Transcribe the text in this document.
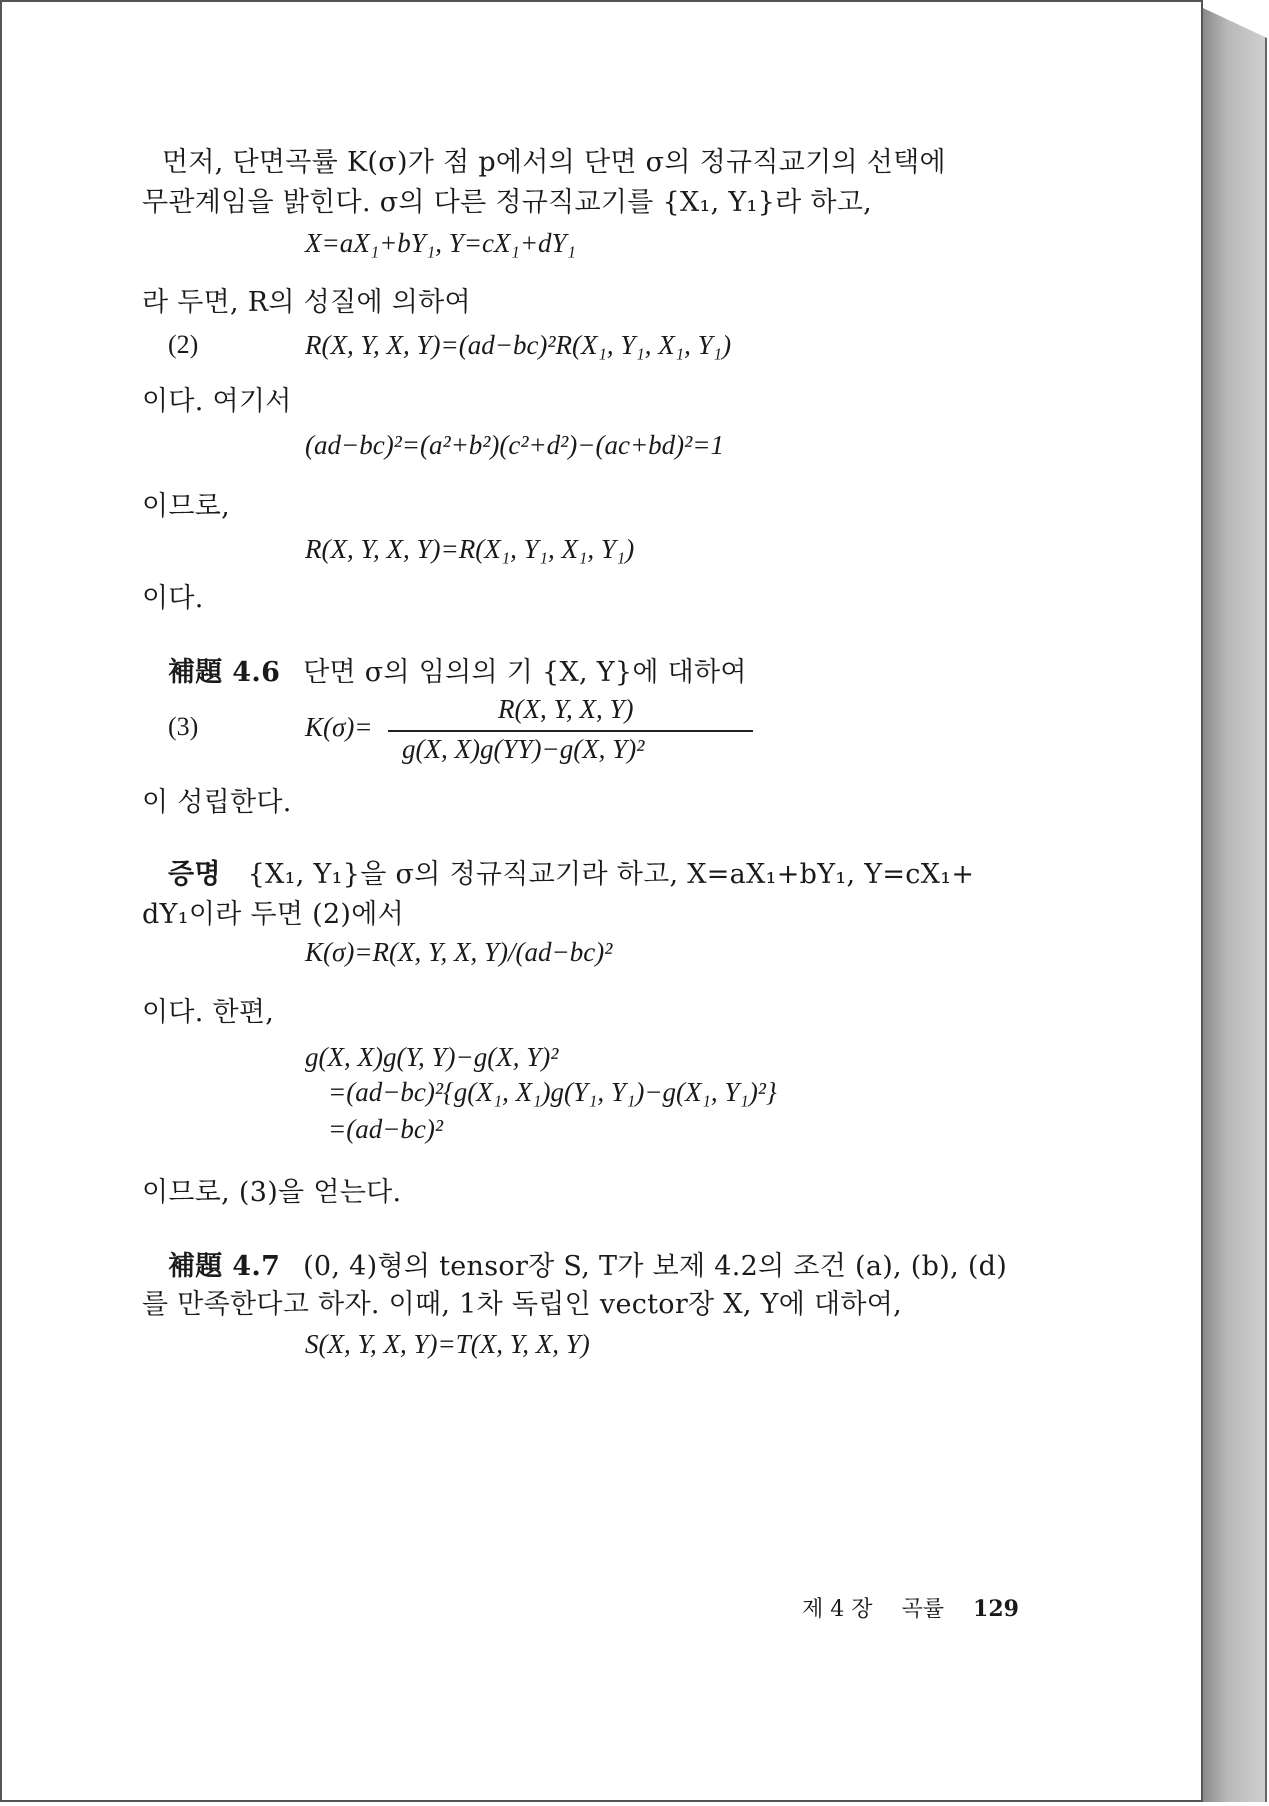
먼저, 단면곡률 K(σ)가 점 p에서의 단면 σ의 정규직교기의 선택에
무관계임을 밝힌다. σ의 다른 정규직교기를 {X₁, Y₁}라 하고,
X=aX₁+bY₁, Y=cX₁+dY₁
라 두면, R의 성질에 의하여
(2)	R(X, Y, X, Y)=(ad−bc)²R(X₁, Y₁, X₁, Y₁)
이다. 여기서
(ad−bc)²=(a²+b²)(c²+d²)−(ac+bd)²=1
이므로,
R(X, Y, X, Y)=R(X₁, Y₁, X₁, Y₁)
이다.
補題 4.6 단면 σ의 임의의 기 {X, Y}에 대하여
(3)	K(σ)=
R(X, Y, X, Y)
g(X, X)g(YY)−g(X, Y)²
이 성립한다.
증명 {X₁, Y₁}을 σ의 정규직교기라 하고, X=aX₁+bY₁, Y=cX₁+
dY₁이라 두면 (2)에서
K(σ)=R(X, Y, X, Y)/(ad−bc)²
이다. 한편,
g(X, X)g(Y, Y)−g(X, Y)²
=(ad−bc)²{g(X₁, X₁)g(Y₁, Y₁)−g(X₁, Y₁)²}
=(ad−bc)²
이므로, (3)을 얻는다.
補題 4.7 (0, 4)형의 tensor장 S, T가 보제 4.2의 조건 (a), (b), (d)
를 만족한다고 하자. 이때, 1차 독립인 vector장 X, Y에 대하여,
S(X, Y, X, Y)=T(X, Y, X, Y)
제 4 장 곡률 129
